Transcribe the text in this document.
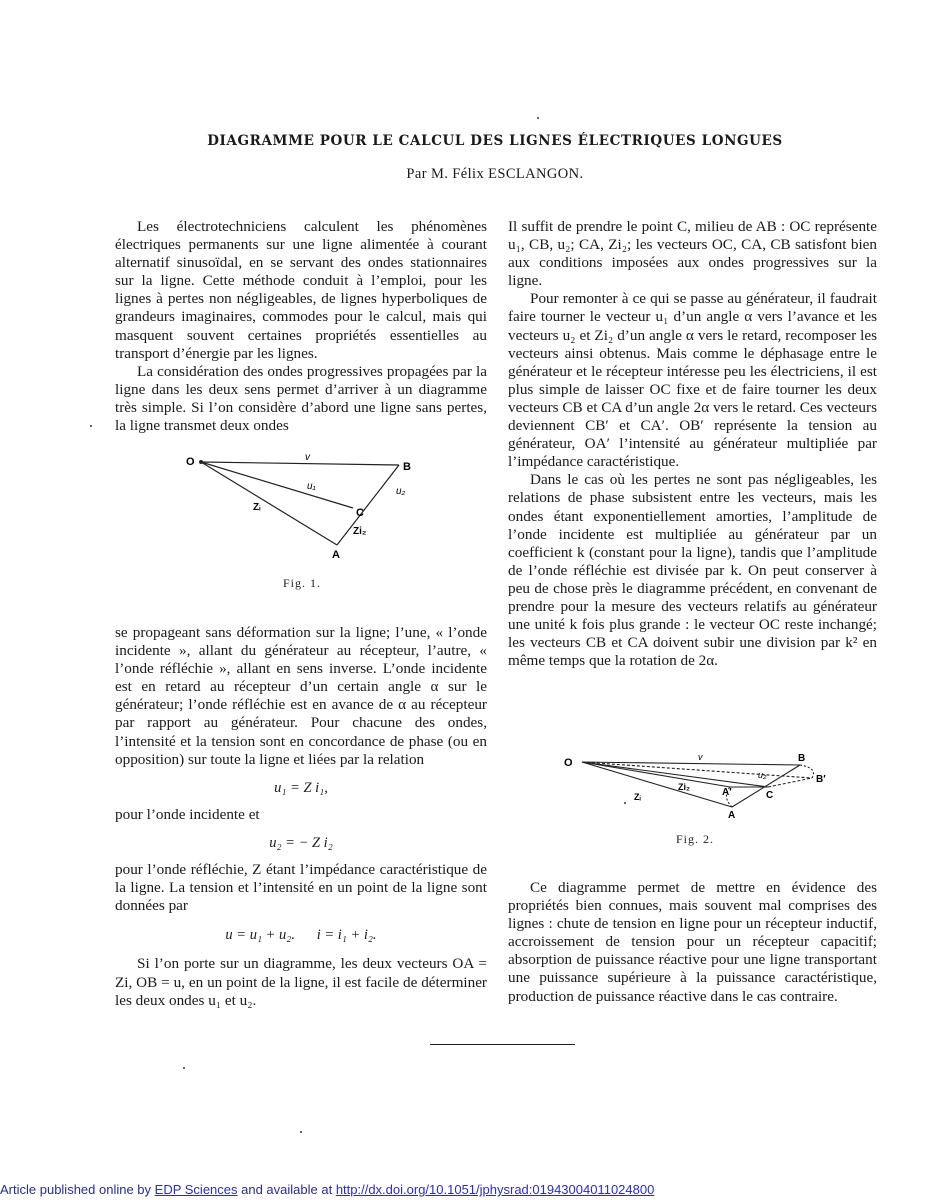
DIAGRAMME POUR LE CALCUL DES LIGNES ÉLECTRIQUES LONGUES
Par M. Félix ESCLANGON.

Les électrotechniciens calculent les phénomènes électriques permanents sur une ligne alimentée à courant alternatif sinusoïdal, en se servant des ondes stationnaires sur la ligne. Cette méthode conduit à l’emploi, pour les lignes à pertes non négligeables, de lignes hyperboliques de grandeurs imaginaires, commodes pour le calcul, mais qui masquent souvent certaines propriétés essentielles au transport d’énergie par les lignes.

La considération des ondes progressives propagées par la ligne dans les deux sens permet d’arriver à un diagramme très simple. Si l’on considère d’abord une ligne sans pertes, la ligne transmet deux ondes

O	B
C
A
v
u₁	u₂
Zᵢ
Zi₂
Fig. 1.

se propageant sans déformation sur la ligne; l’une, « l’onde incidente », allant du générateur au récepteur, l’autre, « l’onde réfléchie », allant en sens inverse. L’onde incidente est en retard au récepteur d’un certain angle α sur le générateur; l’onde réfléchie est en avance de α au récepteur par rapport au générateur. Pour chacune des ondes, l’intensité et la tension sont en concordance de phase (ou en opposition) sur toute la ligne et liées par la relation

u₁ = Z i₁,

pour l’onde incidente et

u₂ = − Z i₂

pour l’onde réfléchie, Z étant l’impédance caractéristique de la ligne. La tension et l’intensité en un point de la ligne sont données par

u = u₁ + u₂.      i = i₁ + i₂.

Si l’on porte sur un diagramme, les deux vecteurs OA = Zi, OB = u, en un point de la ligne, il est facile de déterminer les deux ondes u₁ et u₂.

Il suffit de prendre le point C, milieu de AB : OC représente u₁, CB, u₂; CA, Zi₂; les vecteurs OC, CA, CB satisfont bien aux conditions imposées aux ondes progressives sur la ligne.

Pour remonter à ce qui se passe au générateur, il faudrait faire tourner le vecteur u₁ d’un angle α vers l’avance et les vecteurs u₂ et Zi₂ d’un angle α vers le retard, recomposer les vecteurs ainsi obtenus. Mais comme le déphasage entre le générateur et le récepteur intéresse peu les électriciens, il est plus simple de laisser OC fixe et de faire tourner les deux vecteurs CB et CA d’un angle 2α vers le retard. Ces vecteurs deviennent CB′ et CA′. OB′ représente la tension au générateur, OA′ l’intensité au générateur multipliée par l’impédance caractéristique.

Dans le cas où les pertes ne sont pas négligeables, les relations de phase subsistent entre les vecteurs, mais les ondes étant exponentiellement amorties, l’amplitude de l’onde incidente est multipliée au générateur par un coefficient k (constant pour la ligne), tandis que l’amplitude de l’onde réfléchie est divisée par k. On peut conserver à peu de chose près le diagramme précédent, en convenant de prendre pour la mesure des vecteurs relatifs au générateur une unité k fois plus grande : le vecteur OC reste inchangé; les vecteurs CB et CA doivent subir une division par k² en même temps que la rotation de 2α.

O	B
B′
C
A′
A
v
u₂
Zᵢ
Zi₂
Fig. 2.

Ce diagramme permet de mettre en évidence des propriétés bien connues, mais souvent mal comprises des lignes : chute de tension en ligne pour un récepteur inductif, accroissement de tension pour un récepteur capacitif; absorption de puissance réactive pour une ligne transportant une puissance supérieure à la puissance caractéristique, production de puissance réactive dans le cas contraire.

Article published online by EDP Sciences and available at http://dx.doi.org/10.1051/jphysrad:01943004011024800
